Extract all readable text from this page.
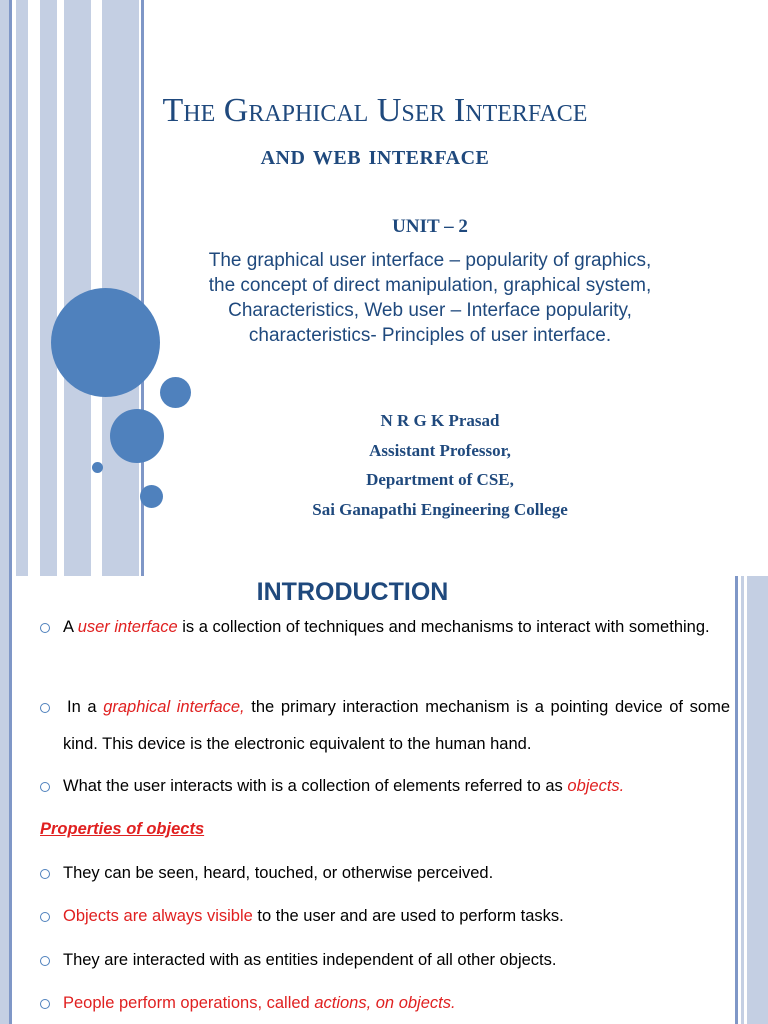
The Graphical User Interface
and web interface
UNIT – 2
The graphical user interface – popularity of graphics,
the concept of direct manipulation, graphical system,
Characteristics, Web user – Interface popularity,
characteristics- Principles of user interface.
N R G K Prasad
Assistant Professor,
Department of CSE,
Sai Ganapathi Engineering College
INTRODUCTION
A user interface is a collection of techniques and mechanisms to interact with something.
In a graphical interface, the primary interaction mechanism is a pointing device of some kind. This device is the electronic equivalent to the human hand.
What the user interacts with is a collection of elements referred to as objects.
Properties of objects
They can be seen, heard, touched, or otherwise perceived.
Objects are always visible to the user and are used to perform tasks.
They are interacted with as entities independent of all other objects.
People perform operations, called actions, on objects.
